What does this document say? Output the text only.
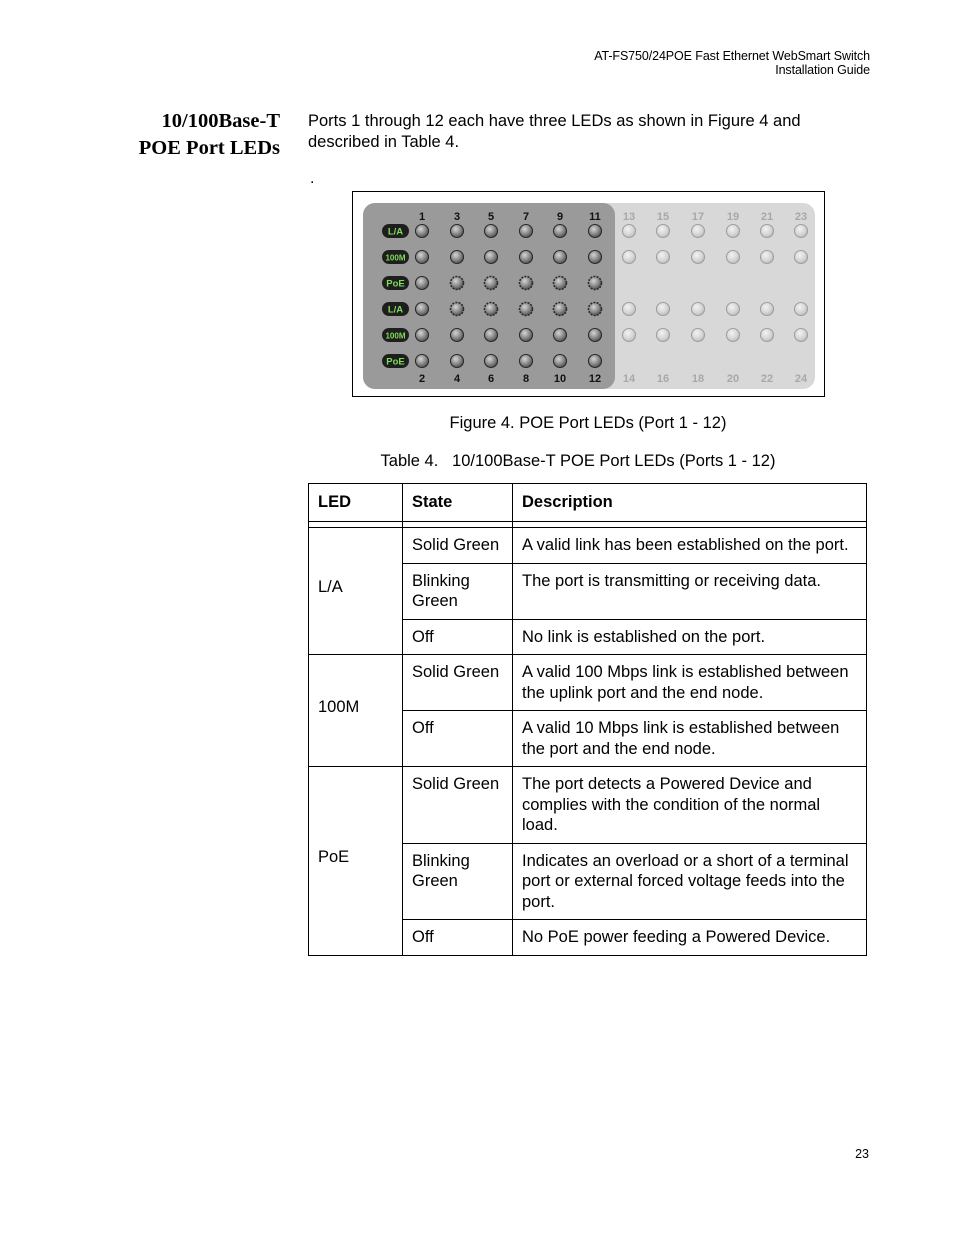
AT-FS750/24POE Fast Ethernet WebSmart Switch Installation Guide
10/100Base-T
POE Port LEDs
Ports 1 through 12 each have three LEDs as shown in Figure 4 and described in Table 4.
.
L/A
100M
PoE
L/A
100M
PoE
1	3	5	7	9 11 13 15 17 19 21 23
2	4	6	8 10 12 14 16 18 20 22 24
Figure 4. POE Port LEDs (Port 1 - 12)
Table 4.   10/100Base-T POE Port LEDs (Ports 1 - 12)
LED	State	Description

L/A	Solid Green	A valid link has been established on the port.
	Blinking Green	The port is transmitting or receiving data.
	Off	No link is established on the port.
100M	Solid Green	A valid 100 Mbps link is established between the uplink port and the end node.
	Off	A valid 10 Mbps link is established between the port and the end node.
PoE	Solid Green	The port detects a Powered Device and complies with the condition of the normal load.
	Blinking Green	Indicates an overload or a short of a terminal port or external forced voltage feeds into the port.
	Off	No PoE power feeding a Powered Device.
23
